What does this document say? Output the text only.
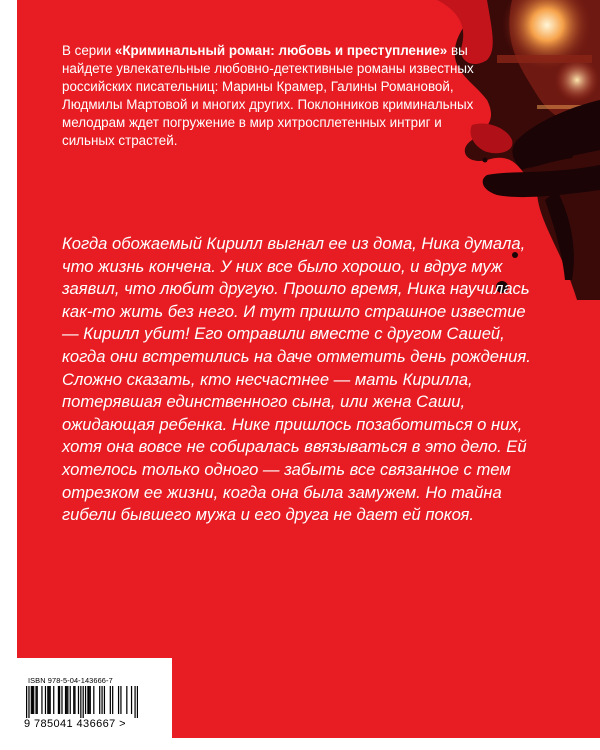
В серии «Криминальный роман: любовь и преступление» вы найдете увлекательные любовно-детективные романы известных российских писательниц: Марины Крамер, Галины Романовой, Людмилы Мартовой и многих других. Поклонников криминальных мелодрам ждет погружение в мир хитросплетенных интриг и сильных страстей.
Когда обожаемый Кирилл выгнал ее из дома, Ника думала, что жизнь кончена. У них все было хорошо, и вдруг муж заявил, что любит другую. Прошло время, Ника научилась как-то жить без него. И тут пришло страшное известие — Кирилл убит! Его отравили вместе с другом Сашей, когда они встретились на даче отметить день рождения. Сложно сказать, кто несчастнее — мать Кирилла, потерявшая единственного сына, или жена Саши, ожидающая ребенка. Нике пришлось позаботиться о них, хотя она вовсе не собиралась ввязываться в это дело. Ей хотелось только одного — забыть все связанное с тем отрезком ее жизни, когда она была замужем. Но тайна гибели бывшего мужа и его друга не дает ей покоя.
ISBN 978-5-04-143666-7
9 785041 436667 >
